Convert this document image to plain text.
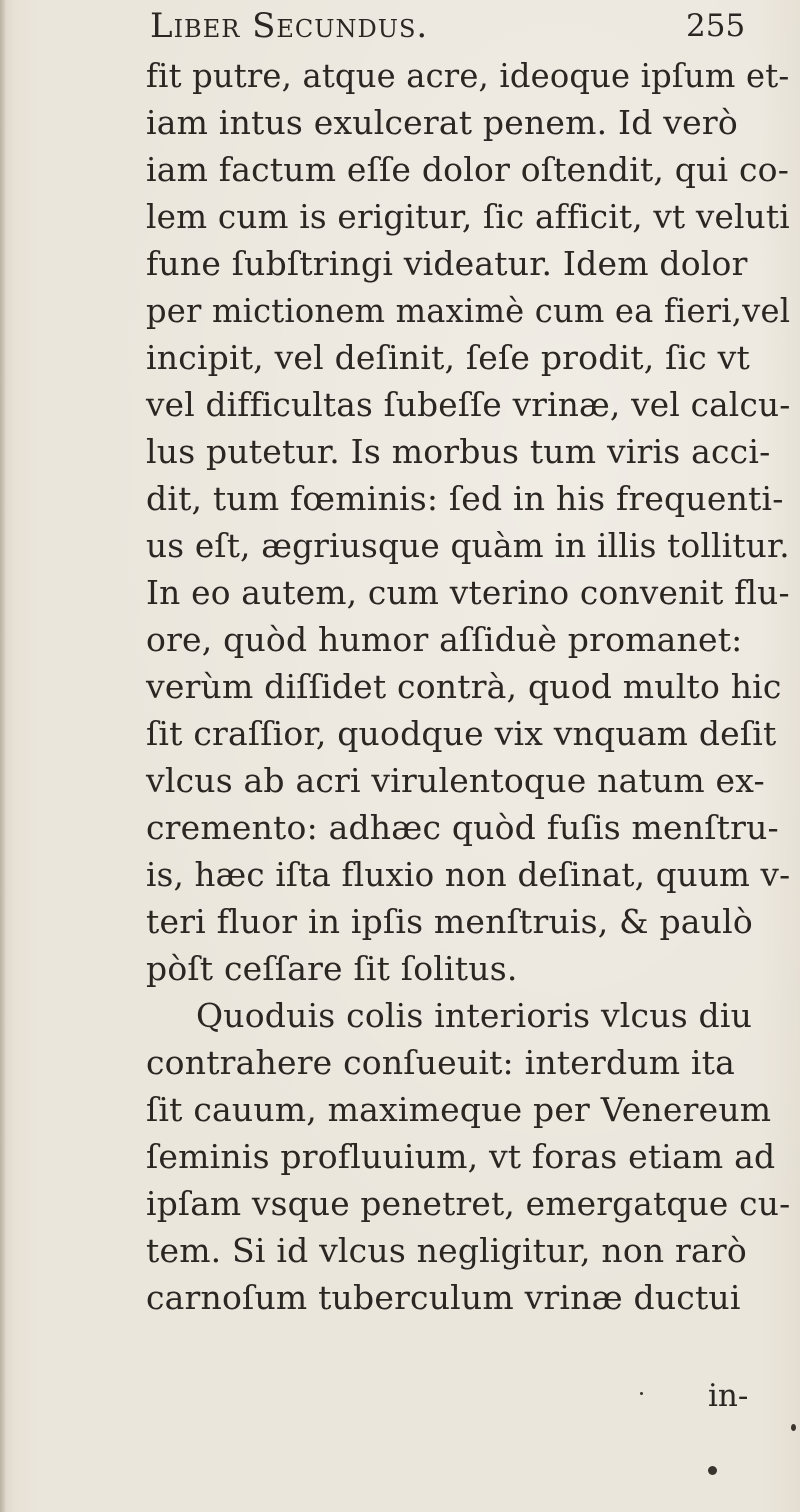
Liber Secundus.	255
fit putre, atque acre, ideoque ipſum et-
iam intus exulcerat penem. Id verò
iam factum eſſe dolor oſtendit, qui co-
lem cum is erigitur, ſic afficit, vt veluti
fune ſubſtringi videatur. Idem dolor
per mictionem maximè cum ea fieri,vel
incipit, vel deſinit, ſeſe prodit, ſic vt
vel difficultas ſubeſſe vrinæ, vel calcu-
lus putetur. Is morbus tum viris acci-
dit, tum fœminis: ſed in his frequenti-
us eſt, ægriusque quàm in illis tollitur.
In eo autem, cum vterino convenit flu-
ore, quòd humor aſſiduè promanet:
verùm diſſidet contrà, quod multo hic
ſit craſſior, quodque vix vnquam deſit
vlcus ab acri virulentoque natum ex-
cremento: adhæc quòd fuſis menſtru-
is, hæc iſta fluxio non deſinat, quum v-
teri fluor in ipſis menſtruis, & paulò
pòſt ceſſare ſit ſolitus.
Quoduis colis interioris vlcus diu
contrahere conſueuit: interdum ita
ſit cauum, maximeque per Venereum
ſeminis profluuium, vt foras etiam ad
ipſam vsque penetret, emergatque cu-
tem. Si id vlcus negligitur, non rarò
carnoſum tuberculum vrinæ ductui
in-
